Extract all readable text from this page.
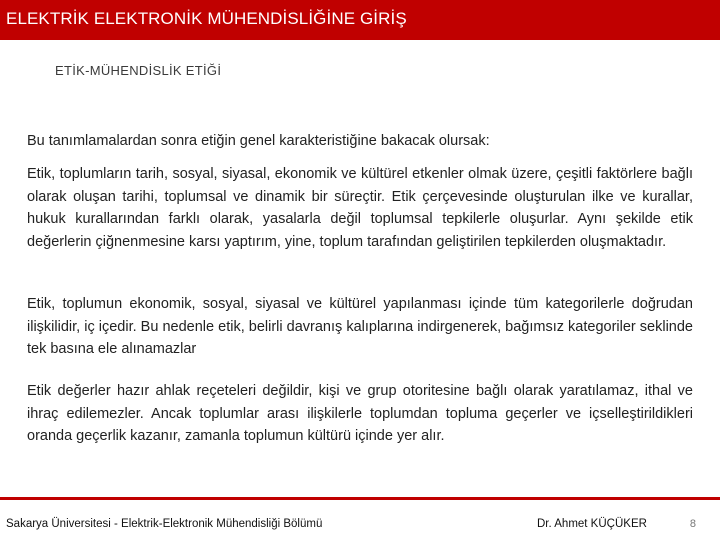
ELEKTRİK ELEKTRONİK MÜHENDİSLİĞİNE GİRİŞ
ETİK-MÜHENDİSLİK ETİĞİ
Bu tanımlamalardan sonra etiğin genel karakteristiğine bakacak olursak:

Etik, toplumların tarih, sosyal, siyasal, ekonomik ve kültürel etkenler olmak üzere, çeşitli faktörlere bağlı olarak oluşan tarihi, toplumsal ve dinamik bir süreçtir. Etik çerçevesinde oluşturulan ilke ve kurallar, hukuk kurallarından farklı olarak, yasalarla değil toplumsal tepkilerle oluşurlar. Aynı şekilde etik değerlerin çiğnenmesine karsı yaptırım, yine, toplum tarafından geliştirilen tepkilerden oluşmaktadır.

Etik, toplumun ekonomik, sosyal, siyasal ve kültürel yapılanması içinde tüm kategorilerle doğrudan ilişkilidir, iç içedir. Bu nedenle etik, belirli davranış kalıplarına indirgenerek, bağımsız kategoriler seklinde tek basına ele alınamazlar

Etik değerler hazır ahlak reçeteleri değildir, kişi ve grup otoritesine bağlı olarak yaratılamaz, ithal ve ihraç edilemezler. Ancak toplumlar arası ilişkilerle toplumdan topluma geçerler ve içselleştirildikleri oranda geçerlik kazanır, zamanla toplumun kültürü içinde yer alır.

Sakarya Üniversitesi - Elektrik-Elektronik Mühendisliği Bölümü	Dr. Ahmet KÜÇÜKER	8
